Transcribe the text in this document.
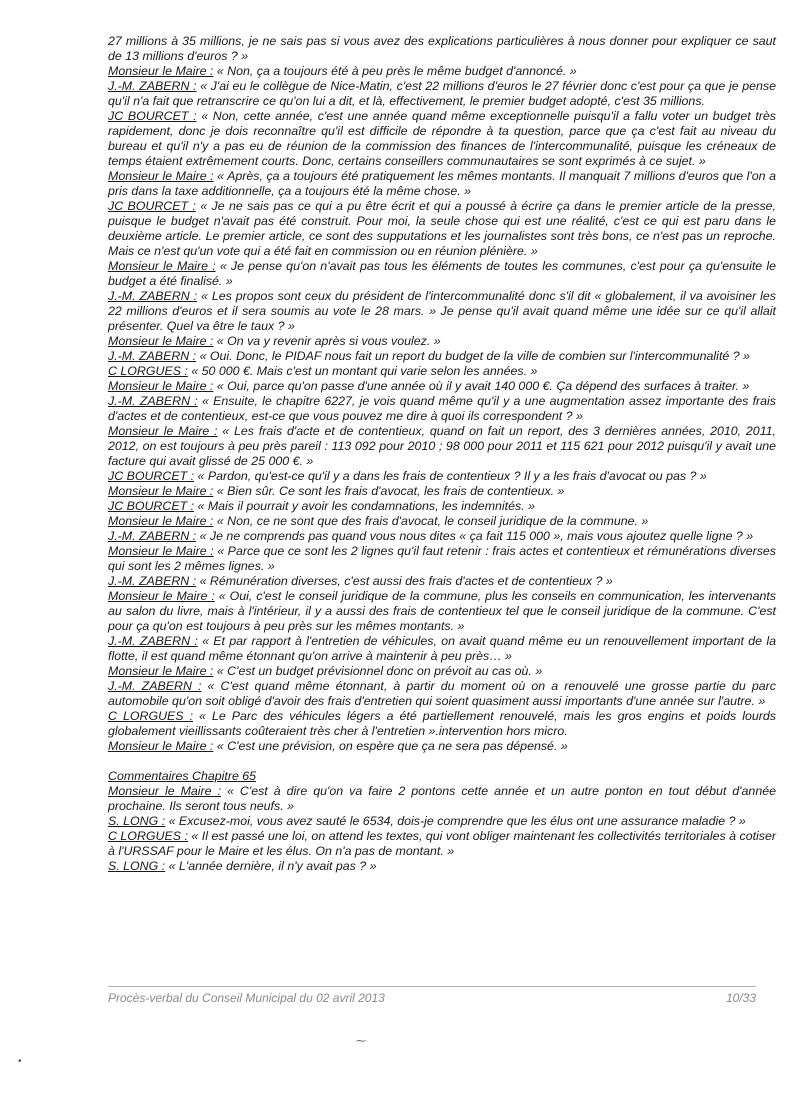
27 millions à 35 millions, je ne sais pas si vous avez des explications particulières à nous donner pour expliquer ce saut de 13 millions d'euros ? »

Monsieur le Maire : « Non, ça a toujours été à peu près le même budget d'annoncé. »

J.-M. ZABERN : « J'ai eu le collègue de Nice-Matin, c'est 22 millions d'euros le 27 février donc c'est pour ça que je pense qu'il n'a fait que retranscrire ce qu'on lui a dit, et là, effectivement, le premier budget adopté, c'est 35 millions.

JC BOURCET : « Non, cette année, c'est une année quand même exceptionnelle puisqu'il a fallu voter un budget très rapidement, donc je dois reconnaître qu'il est difficile de répondre à ta question, parce que ça c'est fait au niveau du bureau et qu'il n'y a pas eu de réunion de la commission des finances de l'intercommunalité, puisque les créneaux de temps étaient extrêmement courts. Donc, certains conseillers communautaires se sont exprimés à ce sujet. »

Monsieur le Maire : « Après, ça a toujours été pratiquement les mêmes montants. Il manquait 7 millions d'euros que l'on a pris dans la taxe additionnelle, ça a toujours été la même chose. »

JC BOURCET : « Je ne sais pas ce qui a pu être écrit et qui a poussé à écrire ça dans le premier article de la presse, puisque le budget n'avait pas été construit. Pour moi, la seule chose qui est une réalité, c'est ce qui est paru dans le deuxième article. Le premier article, ce sont des supputations et les journalistes sont très bons, ce n'est pas un reproche. Mais ce n'est qu'un vote qui a été fait en commission ou en réunion plénière. »

Monsieur le Maire : « Je pense qu'on n'avait pas tous les éléments de toutes les communes, c'est pour ça qu'ensuite le budget a été finalisé. »

J.-M. ZABERN : « Les propos sont ceux du président de l'intercommunalité donc s'il dit « globalement, il va avoisiner les 22 millions d'euros et il sera soumis au vote le 28 mars. » Je pense qu'il avait quand même une idée sur ce qu'il allait présenter. Quel va être le taux ? »

Monsieur le Maire : « On va y revenir après si vous voulez. »

J.-M. ZABERN : « Oui. Donc, le PIDAF nous fait un report du budget de la ville de combien sur l'intercommunalité ? »

C LORGUES : « 50 000 €. Mais c'est un montant qui varie selon les années. »

Monsieur le Maire : « Oui, parce qu'on passe d'une année où il y avait 140 000 €. Ça dépend des surfaces à traiter. »

J.-M. ZABERN : « Ensuite, le chapitre 6227, je vois quand même qu'il y a une augmentation assez importante des frais d'actes et de contentieux, est-ce que vous pouvez me dire à quoi ils correspondent ? »

Monsieur le Maire : « Les frais d'acte et de contentieux, quand on fait un report, des 3 dernières années, 2010, 2011, 2012, on est toujours à peu près pareil : 113 092 pour 2010 ; 98 000 pour 2011 et 115 621 pour 2012 puisqu'il y avait une facture qui avait glissé de 25 000 €. »

JC BOURCET : « Pardon, qu'est-ce qu'il y a dans les frais de contentieux ? Il y a les frais d'avocat ou pas ? »

Monsieur le Maire : « Bien sûr. Ce sont les frais d'avocat, les frais de contentieux. »

JC BOURCET : « Mais il pourrait y avoir les condamnations, les indemnités. »

Monsieur le Maire : « Non, ce ne sont que des frais d'avocat, le conseil juridique de la commune. »

J.-M. ZABERN : « Je ne comprends pas quand vous nous dites « ça fait 115 000 », mais vous ajoutez quelle ligne ? »

Monsieur le Maire : « Parce que ce sont les 2 lignes qu'il faut retenir : frais actes et contentieux et rémunérations diverses qui sont les 2 mêmes lignes. »

J.-M. ZABERN : « Rémunération diverses, c'est aussi des frais d'actes et de contentieux ? »

Monsieur le Maire : « Oui, c'est le conseil juridique de la commune, plus les conseils en communication, les intervenants au salon du livre, mais à l'intérieur, il y a aussi des frais de contentieux tel que le conseil juridique de la commune. C'est pour ça qu'on est toujours à peu près sur les mêmes montants. »

J.-M. ZABERN : « Et par rapport à l'entretien de véhicules, on avait quand même eu un renouvellement important de la flotte, il est quand même étonnant qu'on arrive à maintenir à peu près… »

Monsieur le Maire : « C'est un budget prévisionnel donc on prévoit au cas où. »

J.-M. ZABERN : « C'est quand même étonnant, à partir du moment où on a renouvelé une grosse partie du parc automobile qu'on soit obligé d'avoir des frais d'entretien qui soient quasiment aussi importants d'une année sur l'autre. »

C LORGUES : « Le Parc des véhicules légers a été partiellement renouvelé, mais les gros engins et poids lourds globalement vieillissants coûteraient très cher à l'entretien ».intervention hors micro.

Monsieur le Maire : « C'est une prévision, on espère que ça ne sera pas dépensé. »

Commentaires Chapitre 65

Monsieur le Maire : « C'est à dire qu'on va faire 2 pontons cette année et un autre ponton en tout début d'année prochaine. Ils seront tous neufs. »

S. LONG : « Excusez-moi, vous avez sauté le 6534, dois-je comprendre que les élus ont une assurance maladie ? »

C LORGUES : « Il est passé une loi, on attend les textes, qui vont obliger maintenant les collectivités territoriales à cotiser à l'URSSAF pour le Maire et les élus. On n'a pas de montant. »

S. LONG : « L'année dernière, il n'y avait pas ? »

Procès-verbal du Conseil Municipal du 02 avril 2013	10/33
•
⁓
